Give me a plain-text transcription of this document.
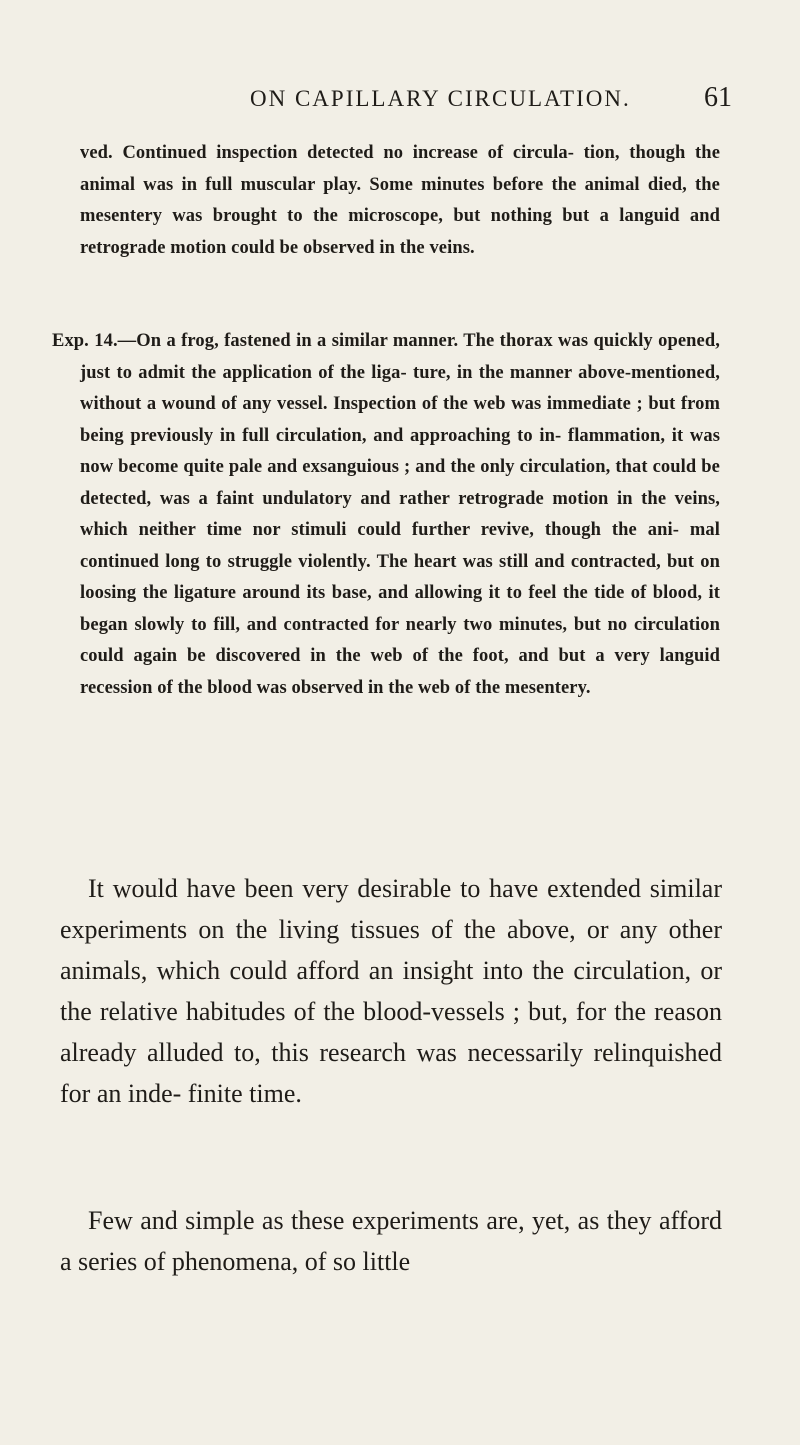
ON CAPILLARY CIRCULATION.	61

ved. Continued inspection detected no increase of circula- tion, though the animal was in full muscular play. Some minutes before the animal died, the mesentery was brought to the microscope, but nothing but a languid and retrograde motion could be observed in the veins.

Exp. 14.—On a frog, fastened in a similar manner. The thorax was quickly opened, just to admit the application of the liga- ture, in the manner above-mentioned, without a wound of any vessel. Inspection of the web was immediate ; but from being previously in full circulation, and approaching to in- flammation, it was now become quite pale and exsanguious ; and the only circulation, that could be detected, was a faint undulatory and rather retrograde motion in the veins, which neither time nor stimuli could further revive, though the ani- mal continued long to struggle violently. The heart was still and contracted, but on loosing the ligature around its base, and allowing it to feel the tide of blood, it began slowly to fill, and contracted for nearly two minutes, but no circulation could again be discovered in the web of the foot, and but a very languid recession of the blood was observed in the web of the mesentery.

It would have been very desirable to have extended similar experiments on the living tissues of the above, or any other animals, which could afford an insight into the circulation, or the relative habitudes of the blood-vessels ; but, for the reason already alluded to, this research was necessarily relinquished for an inde- finite time.

Few and simple as these experiments are, yet, as they afford a series of phenomena, of so little
